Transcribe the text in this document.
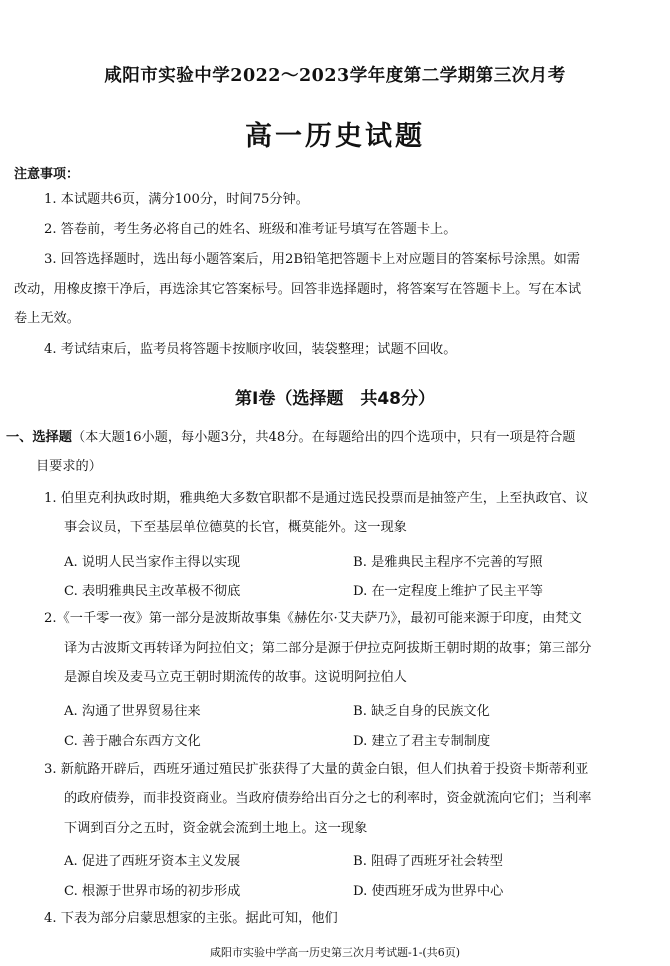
咸阳市实验中学2022～2023学年度第二学期第三次月考
高一历史试题
注意事项：
1. 本试题共6页，满分100分，时间75分钟。
2. 答卷前，考生务必将自己的姓名、班级和准考证号填写在答题卡上。
3. 回答选择题时，选出每小题答案后，用2B铅笔把答题卡上对应题目的答案标号涂黑。如需
改动，用橡皮擦干净后，再选涂其它答案标号。回答非选择题时，将答案写在答题卡上。写在本试
卷上无效。
4. 考试结束后，监考员将答题卡按顺序收回，装袋整理；试题不回收。
第Ⅰ卷（选择题　共48分）
一、选择题（本大题16小题，每小题3分，共48分。在每题给出的四个选项中，只有一项是符合题
目要求的）
1. 伯里克利执政时期，雅典绝大多数官职都不是通过选民投票而是抽签产生，上至执政官、议
事会议员，下至基层单位德莫的长官，概莫能外。这一现象
A. 说明人民当家作主得以实现	B. 是雅典民主程序不完善的写照
C. 表明雅典民主改革极不彻底	D. 在一定程度上维护了民主平等
2.《一千零一夜》第一部分是波斯故事集《赫佐尔·艾夫萨乃》，最初可能来源于印度，由梵文
译为古波斯文再转译为阿拉伯文；第二部分是源于伊拉克阿拔斯王朝时期的故事；第三部分
是源自埃及麦马立克王朝时期流传的故事。这说明阿拉伯人
A. 沟通了世界贸易往来	B. 缺乏自身的民族文化
C. 善于融合东西方文化	D. 建立了君主专制制度
3. 新航路开辟后，西班牙通过殖民扩张获得了大量的黄金白银，但人们执着于投资卡斯蒂利亚
的政府债券，而非投资商业。当政府债券给出百分之七的利率时，资金就流向它们；当利率
下调到百分之五时，资金就会流到土地上。这一现象
A. 促进了西班牙资本主义发展	B. 阻碍了西班牙社会转型
C. 根源于世界市场的初步形成	D. 使西班牙成为世界中心
4. 下表为部分启蒙思想家的主张。据此可知，他们
咸阳市实验中学高一历史第三次月考试题-1-(共6页)
